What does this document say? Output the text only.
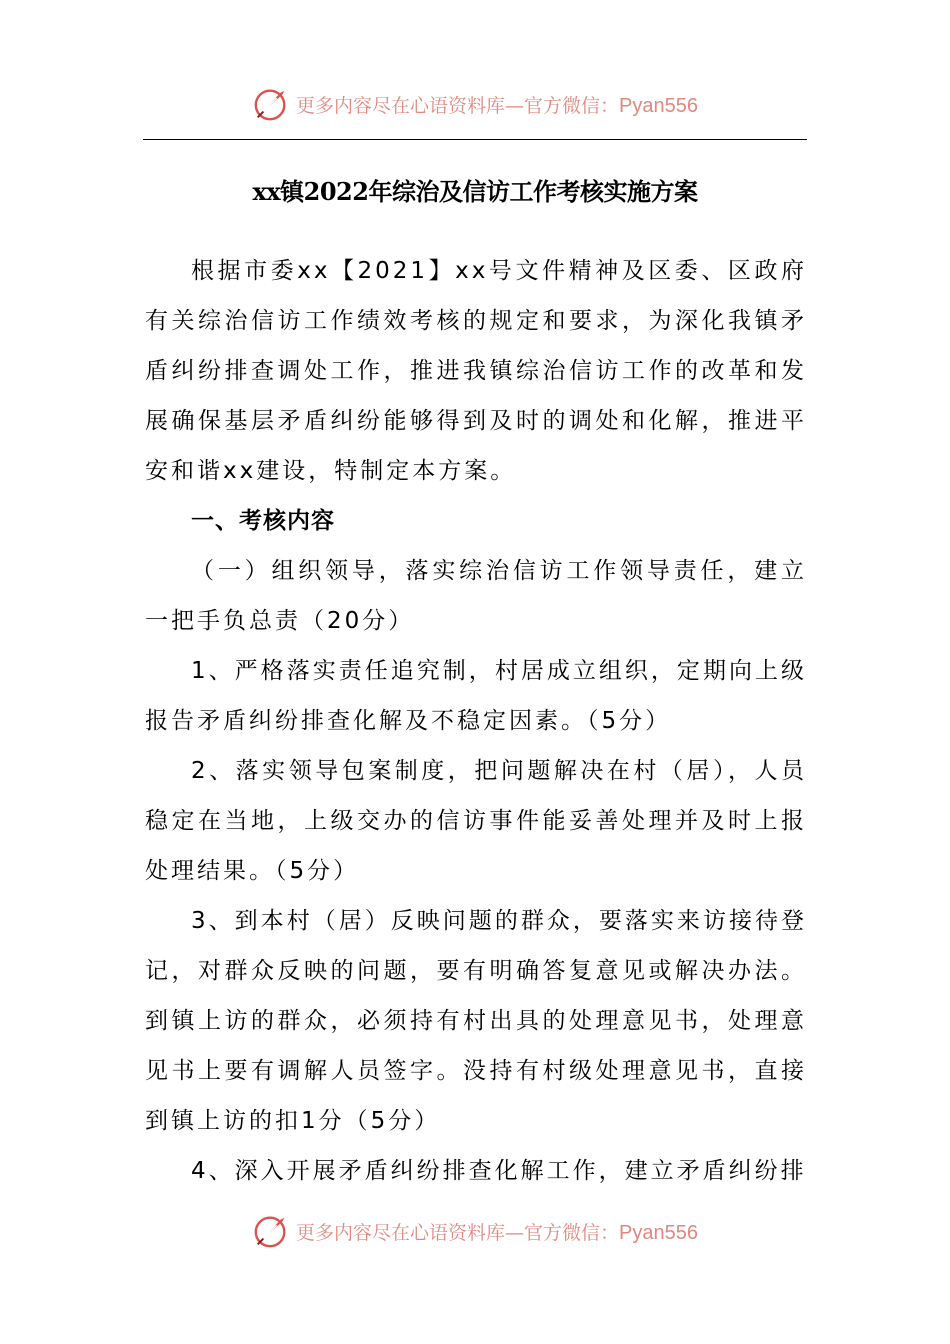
更多内容尽在心语资料库—官方微信：Pyan556
xx镇2022年综治及信访工作考核实施方案

根据市委xx【2021】xx号文件精神及区委、区政府有关综治信访工作绩效考核的规定和要求，为深化我镇矛盾纠纷排查调处工作，推进我镇综治信访工作的改革和发展确保基层矛盾纠纷能够得到及时的调处和化解，推进平安和谐xx建设，特制定本方案。

一、考核内容

（一）组织领导，落实综治信访工作领导责任，建立一把手负总责（20分）

1、严格落实责任追究制，村居成立组织，定期向上级报告矛盾纠纷排查化解及不稳定因素。（5分）

2、落实领导包案制度，把问题解决在村（居），人员稳定在当地，上级交办的信访事件能妥善处理并及时上报处理结果。（5分）

3、到本村（居）反映问题的群众，要落实来访接待登记，对群众反映的问题，要有明确答复意见或解决办法。到镇上访的群众，必须持有村出具的处理意见书，处理意见书上要有调解人员签字。没持有村级处理意见书，直接到镇上访的扣1分（5分）

4、深入开展矛盾纠纷排查化解工作，建立矛盾纠纷排

更多内容尽在心语资料库—官方微信：Pyan556
